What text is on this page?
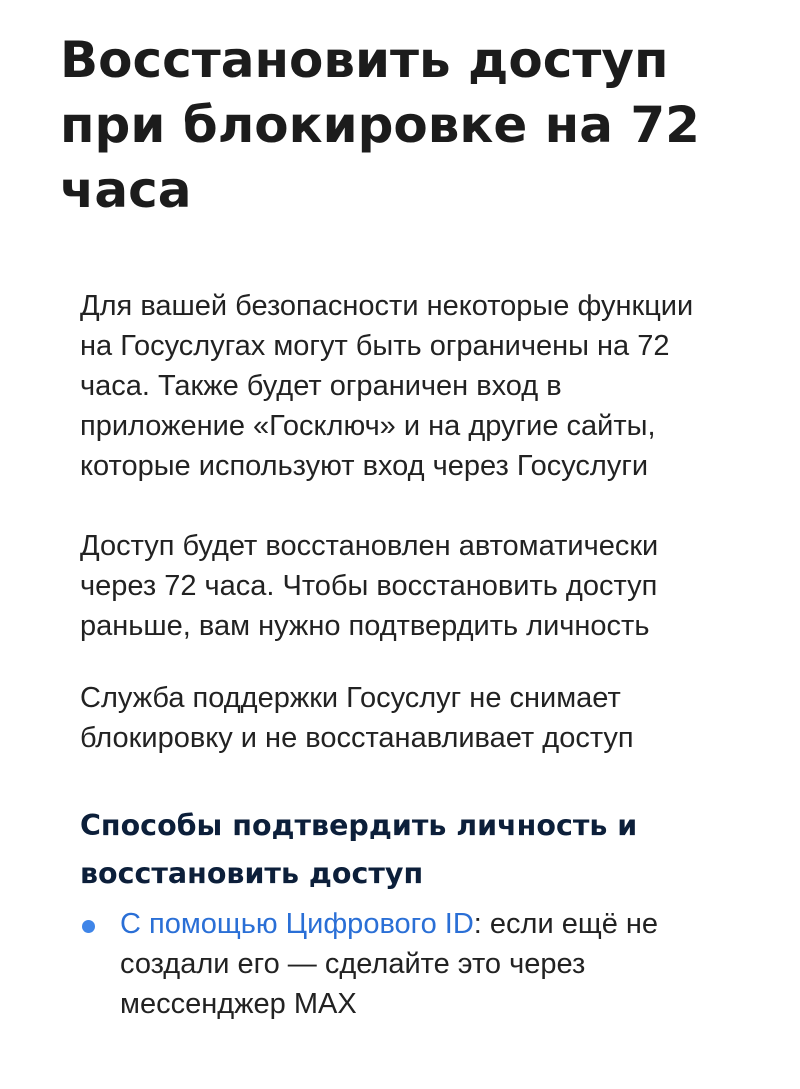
Восстановить доступ при блокировке на 72 часа

Для вашей безопасности некоторые функции на Госуслугах могут быть ограничены на 72 часа. Также будет ограничен вход в приложение «Госключ» и на другие сайты, которые используют вход через Госуслуги

Доступ будет восстановлен автоматически через 72 часа. Чтобы восстановить доступ раньше, вам нужно подтвердить личность

Служба поддержки Госуслуг не снимает блокировку и не восстанавливает доступ

Способы подтвердить личность и восстановить доступ
С помощью Цифрового ID: если ещё не создали его — сделайте это через мессенджер MAX
